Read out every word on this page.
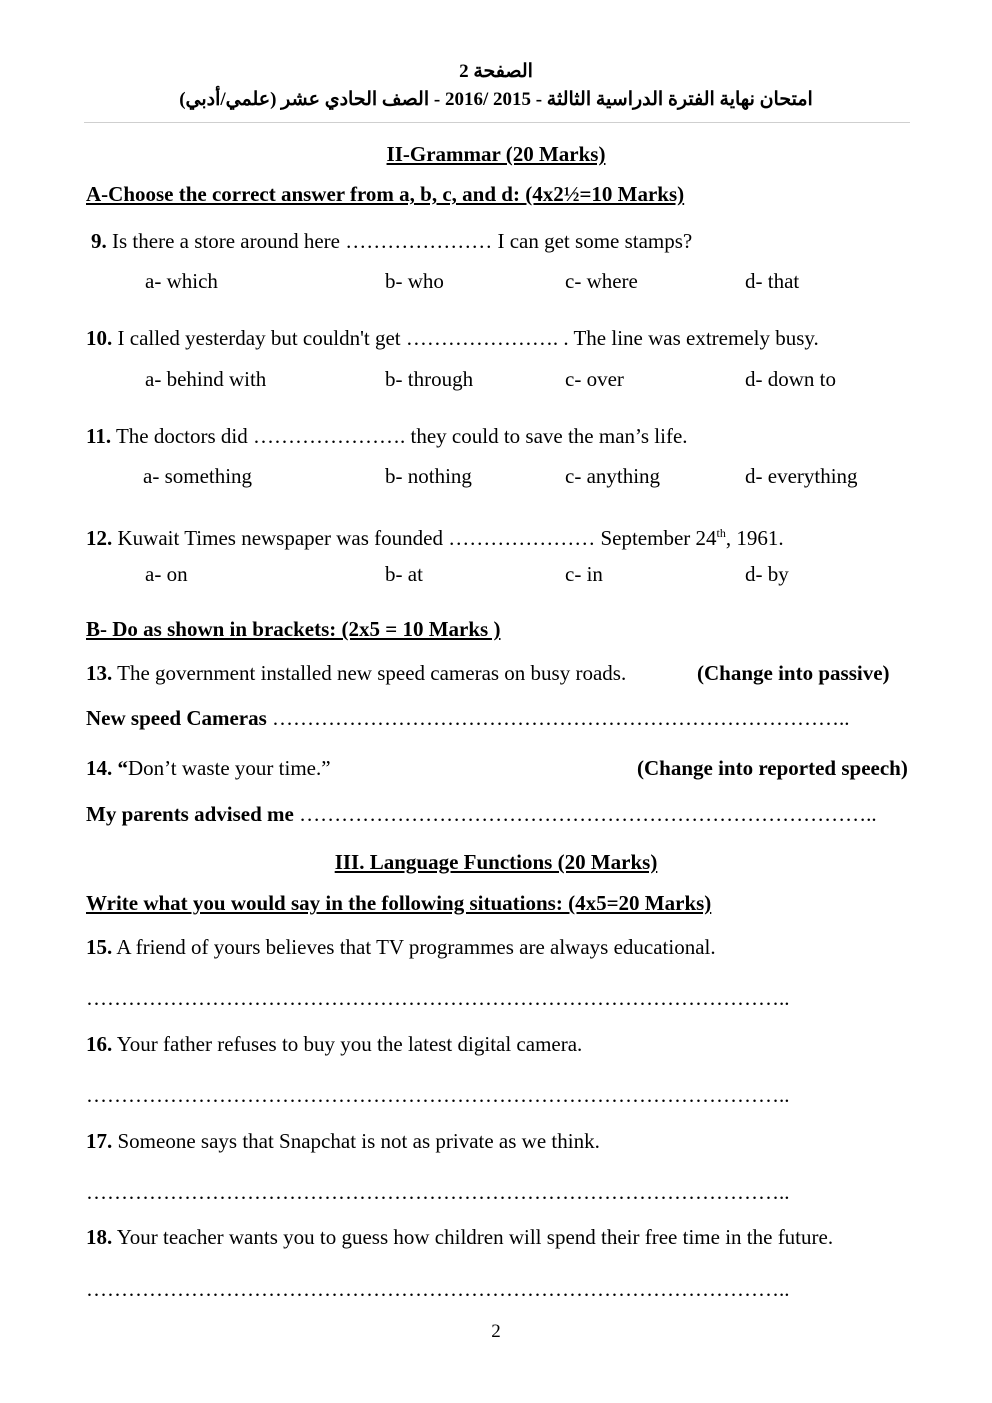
الصفحة 2
امتحان نهاية الفترة الدراسية الثالثة - 2015 /2016 - الصف الحادي عشر (علمي/أدبي)
II-Grammar (20 Marks)
A-Choose the correct answer from a, b, c, and d: (4x2½=10 Marks)
9. Is there a store around here ………………… I can get some stamps?
a- which	b- who	c- where	d- that
10. I called yesterday but couldn't get …………………. . The line was extremely busy.
a- behind with	b- through	c- over	d- down to
11. The doctors did …………………. they could to save the man’s life.
a- something	b- nothing	c- anything	d- everything
12. Kuwait Times newspaper was founded ………………… September 24th, 1961.
a- on	b- at	c- in	d- by
B- Do as shown in brackets: (2x5 = 10 Marks )
13. The government installed new speed cameras on busy roads.	(Change into passive)
New speed Cameras ………………………………………………………………………..
14. “Don’t waste your time.”	(Change into reported speech)
My parents advised me ………………………………………………………………………..
III. Language Functions (20 Marks)
Write what you would say in the following situations: (4x5=20 Marks)
15. A friend of yours believes that TV programmes are always educational.
………………………………………………………………………………………..
16. Your father refuses to buy you the latest digital camera.
………………………………………………………………………………………..
17. Someone says that Snapchat is not as private as we think.
………………………………………………………………………………………..
18. Your teacher wants you to guess how children will spend their free time in the future.
………………………………………………………………………………………..
2
